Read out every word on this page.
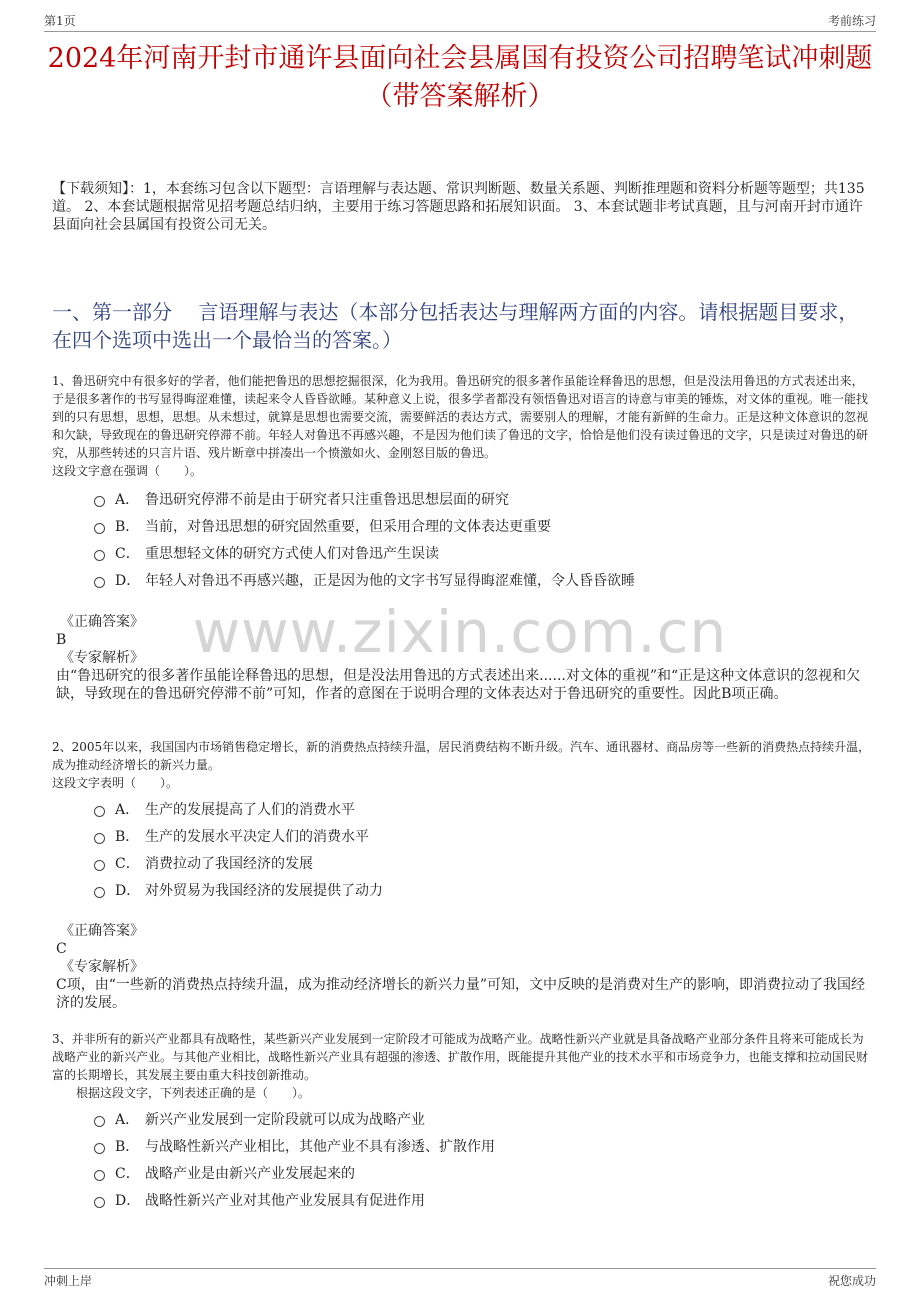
第1页	考前练习
2024年河南开封市通许县面向社会县属国有投资公司招聘笔试冲刺题（带答案解析）
【下载须知】：1，本套练习包含以下题型：言语理解与表达题、常识判断题、数量关系题、判断推理题和资料分析题等题型；共135道。 2、本套试题根据常见招考题总结归纳，主要用于练习答题思路和拓展知识面。 3、本套试题非考试真题，且与河南开封市通许县面向社会县属国有投资公司无关。
一、第一部分　 言语理解与表达（本部分包括表达与理解两方面的内容。请根据题目要求，在四个选项中选出一个最恰当的答案。）
www.zixin.com.cn

1、鲁迅研究中有很多好的学者，他们能把鲁迅的思想挖掘很深，化为我用。鲁迅研究的很多著作虽能诠释鲁迅的思想，但是没法用鲁迅的方式表述出来，于是很多著作的书写显得晦涩难懂，读起来令人昏昏欲睡。某种意义上说，很多学者都没有领悟鲁迅对语言的诗意与审美的锤炼，对文体的重视。唯一能找到的只有思想，思想，思想。从未想过，就算是思想也需要交流，需要鲜活的表达方式，需要别人的理解，才能有新鲜的生命力。正是这种文体意识的忽视和欠缺，导致现在的鲁迅研究停滞不前。年轻人对鲁迅不再感兴趣，不是因为他们读了鲁迅的文字，恰恰是他们没有读过鲁迅的文字，只是读过对鲁迅的研究，从那些转述的只言片语、残片断章中拼凑出一个愤激如火、金刚怒目版的鲁迅。

这段文字意在强调（　　）。

A． 鲁迅研究停滞不前是由于研究者只注重鲁迅思想层面的研究
B． 当前，对鲁迅思想的研究固然重要，但采用合理的文体表达更重要
C． 重思想轻文体的研究方式使人们对鲁迅产生误读
D． 年轻人对鲁迅不再感兴趣，正是因为他的文字书写显得晦涩难懂，令人昏昏欲睡

《正确答案》

B

《专家解析》

由“鲁迅研究的很多著作虽能诠释鲁迅的思想，但是没法用鲁迅的方式表述出来......对文体的重视”和“正是这种文体意识的忽视和欠缺，导致现在的鲁迅研究停滞不前”可知，作者的意图在于说明合理的文体表达对于鲁迅研究的重要性。因此B项正确。

2、2005年以来，我国国内市场销售稳定增长，新的消费热点持续升温，居民消费结构不断升级。汽车、通讯器材、商品房等一些新的消费热点持续升温，成为推动经济增长的新兴力量。

这段文字表明（　　）。

A． 生产的发展提高了人们的消费水平
B． 生产的发展水平决定人们的消费水平
C． 消费拉动了我国经济的发展
D． 对外贸易为我国经济的发展提供了动力

《正确答案》

C

《专家解析》

C项，由“一些新的消费热点持续升温，成为推动经济增长的新兴力量”可知，文中反映的是消费对生产的影响，即消费拉动了我国经济的发展。

3、并非所有的新兴产业都具有战略性，某些新兴产业发展到一定阶段才可能成为战略产业。战略性新兴产业就是具备战略产业部分条件且将来可能成长为战略产业的新兴产业。与其他产业相比，战略性新兴产业具有超强的渗透、扩散作用，既能提升其他产业的技术水平和市场竞争力，也能支撑和拉动国民财富的长期增长，其发展主要由重大科技创新推动。

根据这段文字，下列表述正确的是（　　）。

A． 新兴产业发展到一定阶段就可以成为战略产业
B． 与战略性新兴产业相比，其他产业不具有渗透、扩散作用
C． 战略产业是由新兴产业发展起来的
D． 战略性新兴产业对其他产业发展具有促进作用
冲刺上岸	祝您成功
